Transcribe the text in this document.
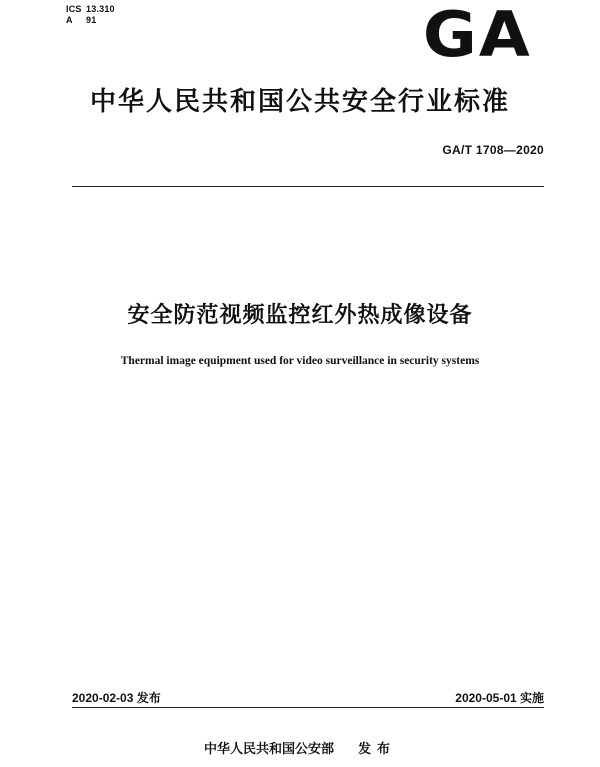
ICS 13.310
A 91	GA
中华人民共和国公共安全行业标准
GA/T 1708—2020
安全防范视频监控红外热成像设备
Thermal image equipment used for video surveillance in security systems
2020-02-03 发布	2020-05-01 实施
中华人民共和国公安部 发布
